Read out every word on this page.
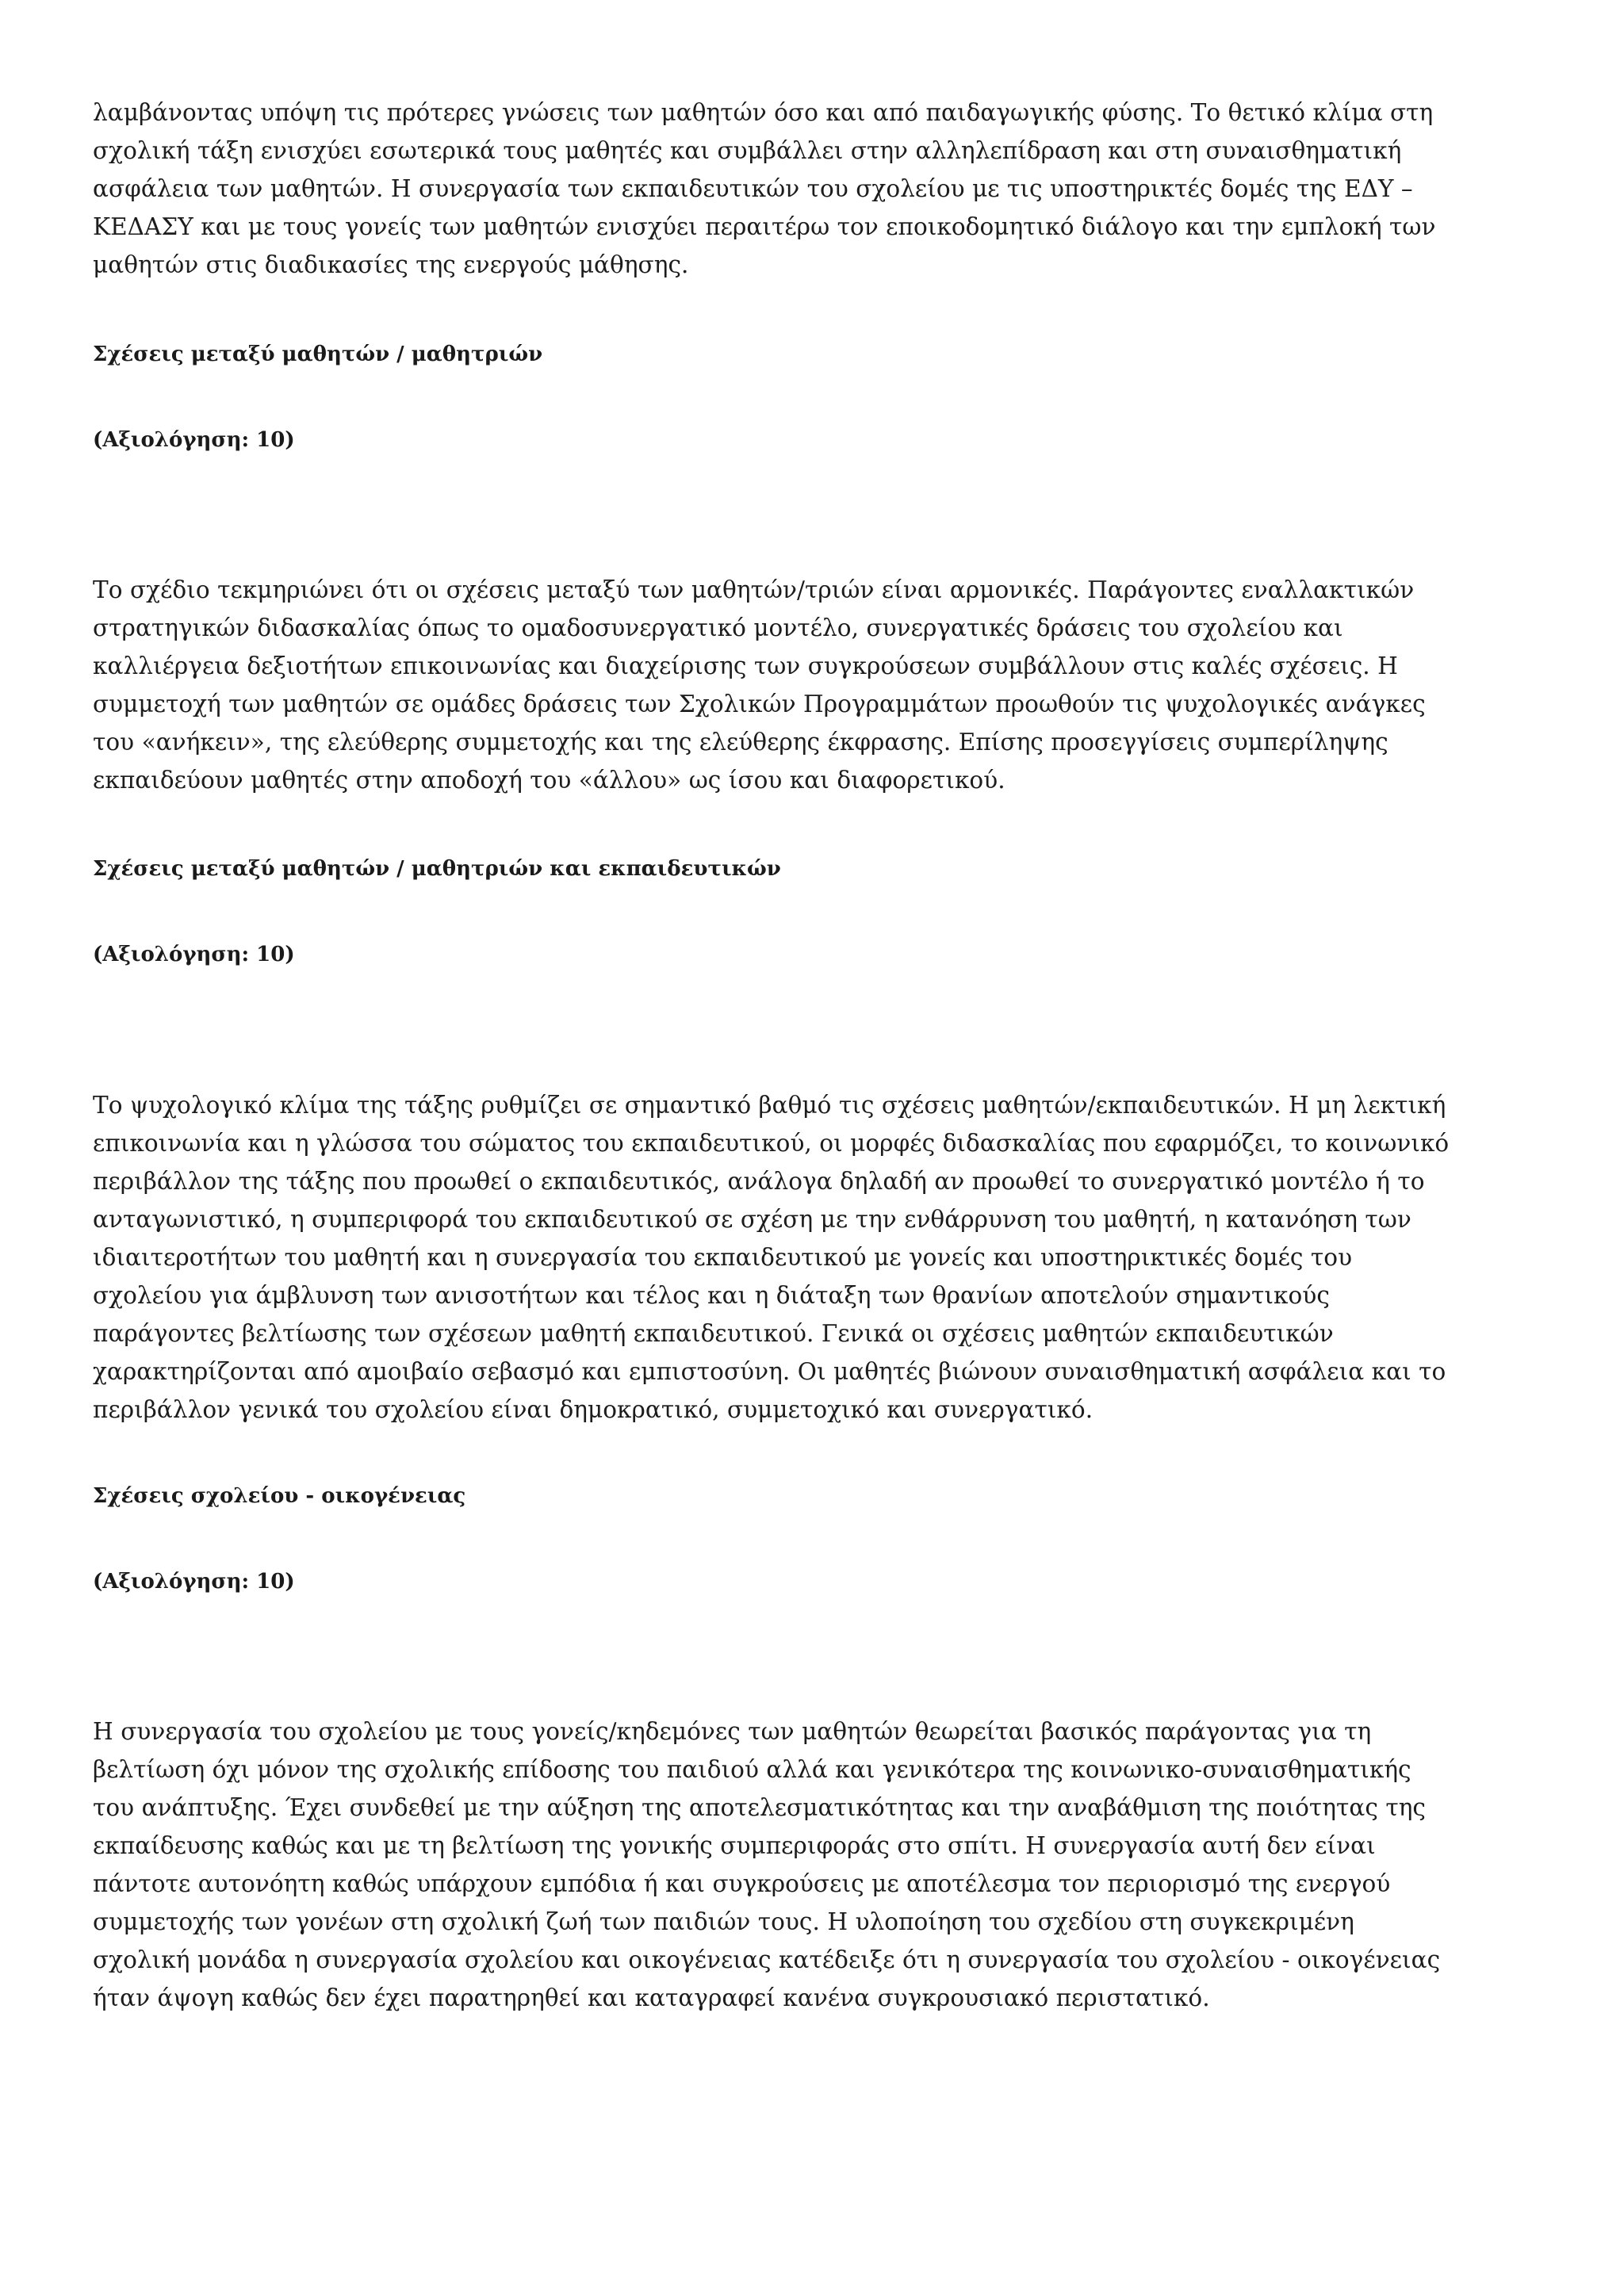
λαμβάνοντας υπόψη τις πρότερες γνώσεις των μαθητών όσο και από παιδαγωγικής φύσης. Το θετικό κλίμα στη
σχολική τάξη ενισχύει εσωτερικά τους μαθητές και συμβάλλει στην αλληλεπίδραση και στη συναισθηματική
ασφάλεια των μαθητών. Η συνεργασία των εκπαιδευτικών του σχολείου με τις υποστηρικτές δομές της ΕΔΥ –
ΚΕΔΑΣΥ και με τους γονείς των μαθητών ενισχύει περαιτέρω τον εποικοδομητικό διάλογο και την εμπλοκή των
μαθητών στις διαδικασίες της ενεργούς μάθησης.

Σχέσεις μεταξύ μαθητών / μαθητριών
(Αξιολόγηση: 10)

Το σχέδιο τεκμηριώνει ότι οι σχέσεις μεταξύ των μαθητών/τριών είναι αρμονικές. Παράγοντες εναλλακτικών
στρατηγικών διδασκαλίας όπως το ομαδοσυνεργατικό μοντέλο, συνεργατικές δράσεις του σχολείου και
καλλιέργεια δεξιοτήτων επικοινωνίας και διαχείρισης των συγκρούσεων συμβάλλουν στις καλές σχέσεις. Η
συμμετοχή των μαθητών σε ομάδες δράσεις των Σχολικών Προγραμμάτων προωθούν τις ψυχολογικές ανάγκες
του «ανήκειν», της ελεύθερης συμμετοχής και της ελεύθερης έκφρασης. Επίσης προσεγγίσεις συμπερίληψης
εκπαιδεύουν μαθητές στην αποδοχή του «άλλου» ως ίσου και διαφορετικού.

Σχέσεις μεταξύ μαθητών / μαθητριών και εκπαιδευτικών
(Αξιολόγηση: 10)

Το ψυχολογικό κλίμα της τάξης ρυθμίζει σε σημαντικό βαθμό τις σχέσεις μαθητών/εκπαιδευτικών. Η μη λεκτική
επικοινωνία και η γλώσσα του σώματος του εκπαιδευτικού, οι μορφές διδασκαλίας που εφαρμόζει, το κοινωνικό
περιβάλλον της τάξης που προωθεί ο εκπαιδευτικός, ανάλογα δηλαδή αν προωθεί το συνεργατικό μοντέλο ή το
ανταγωνιστικό, η συμπεριφορά του εκπαιδευτικού σε σχέση με την ενθάρρυνση του μαθητή, η κατανόηση των
ιδιαιτεροτήτων του μαθητή και η συνεργασία του εκπαιδευτικού με γονείς και υποστηρικτικές δομές του
σχολείου για άμβλυνση των ανισοτήτων και τέλος και η διάταξη των θρανίων αποτελούν σημαντικούς
παράγοντες βελτίωσης των σχέσεων μαθητή εκπαιδευτικού. Γενικά οι σχέσεις μαθητών εκπαιδευτικών
χαρακτηρίζονται από αμοιβαίο σεβασμό και εμπιστοσύνη. Οι μαθητές βιώνουν συναισθηματική ασφάλεια και το
περιβάλλον γενικά του σχολείου είναι δημοκρατικό, συμμετοχικό και συνεργατικό.

Σχέσεις σχολείου - οικογένειας
(Αξιολόγηση: 10)

Η συνεργασία του σχολείου με τους γονείς/κηδεμόνες των μαθητών θεωρείται βασικός παράγοντας για τη
βελτίωση όχι μόνον της σχολικής επίδοσης του παιδιού αλλά και γενικότερα της κοινωνικο-συναισθηματικής
του ανάπτυξης. Έχει συνδεθεί με την αύξηση της αποτελεσματικότητας και την αναβάθμιση της ποιότητας της
εκπαίδευσης καθώς και με τη βελτίωση της γονικής συμπεριφοράς στο σπίτι. Η συνεργασία αυτή δεν είναι
πάντοτε αυτονόητη καθώς υπάρχουν εμπόδια ή και συγκρούσεις με αποτέλεσμα τον περιορισμό της ενεργού
συμμετοχής των γονέων στη σχολική ζωή των παιδιών τους. Η υλοποίηση του σχεδίου στη συγκεκριμένη
σχολική μονάδα η συνεργασία σχολείου και οικογένειας κατέδειξε ότι η συνεργασία του σχολείου - οικογένειας
ήταν άψογη καθώς δεν έχει παρατηρηθεί και καταγραφεί κανένα συγκρουσιακό περιστατικό.
